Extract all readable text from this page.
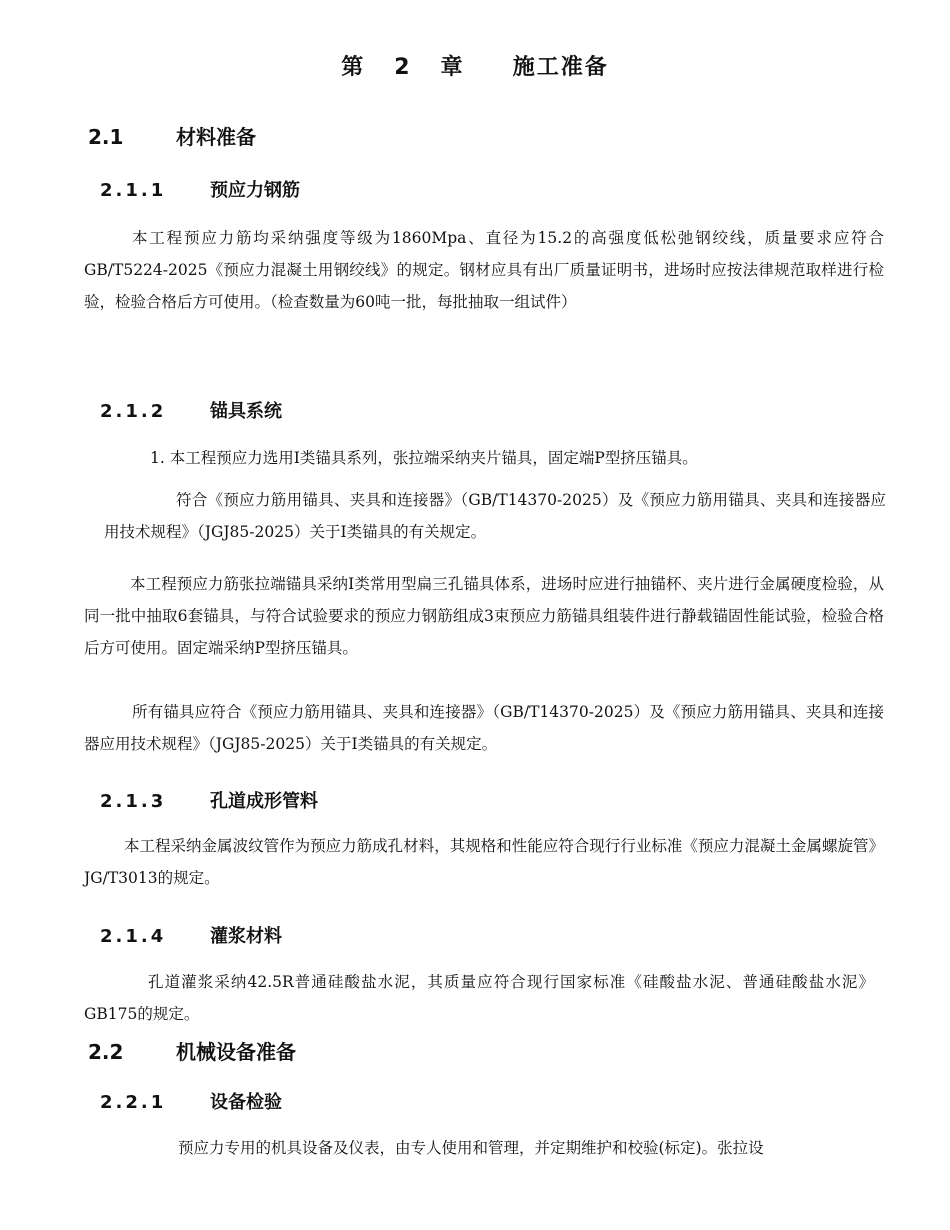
第 2 章 施工准备
2.1	材料准备
2.1.1 预应力钢筋
本工程预应力筋均采纳强度等级为1860Mpa、直径为15.2的高强度低松弛钢绞线，质量要求应符合GB/T5224-2025《预应力混凝土用钢绞线》的规定。钢材应具有出厂质量证明书，进场时应按法律规范取样进行检验，检验合格后方可使用。（检查数量为60吨一批，每批抽取一组试件）
2.1.2 锚具系统
1. 本工程预应力选用Ⅰ类锚具系列，张拉端采纳夹片锚具，固定端P型挤压锚具。
符合《预应力筋用锚具、夹具和连接器》（GB/T14370-2025）及《预应力筋用锚具、夹具和连接器应用技术规程》（JGJ85-2025）关于Ⅰ类锚具的有关规定。
本工程预应力筋张拉端锚具采纳Ⅰ类常用型扁三孔锚具体系，进场时应进行抽锚杯、夹片进行金属硬度检验，从同一批中抽取6套锚具，与符合试验要求的预应力钢筋组成3束预应力筋锚具组装件进行静载锚固性能试验，检验合格后方可使用。固定端采纳P型挤压锚具。
所有锚具应符合《预应力筋用锚具、夹具和连接器》（GB/T14370-2025）及《预应力筋用锚具、夹具和连接器应用技术规程》（JGJ85-2025）关于Ⅰ类锚具的有关规定。
2.1.3 孔道成形管料
本工程采纳金属波纹管作为预应力筋成孔材料，其规格和性能应符合现行行业标准《预应力混凝土金属螺旋管》JG/T3013的规定。
2.1.4 灌浆材料
孔道灌浆采纳42.5R普通硅酸盐水泥，其质量应符合现行国家标准《硅酸盐水泥、普通硅酸盐水泥》GB175的规定。
2.2	机械设备准备
2.2.1 设备检验
预应力专用的机具设备及仪表，由专人使用和管理，并定期维护和校验(标定)。张拉设
